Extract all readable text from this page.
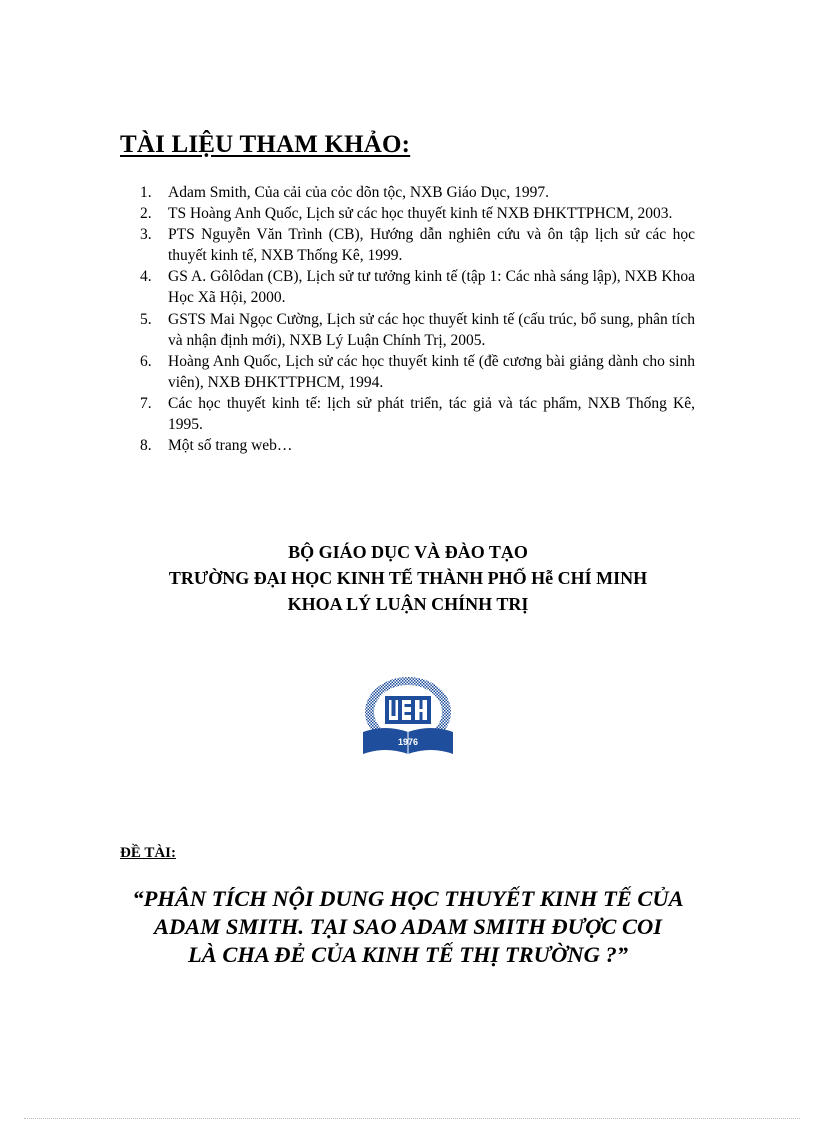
TÀI LIỆU THAM KHẢO:
1. Adam Smith, Của cải của cỏc dõn tộc, NXB Giáo Dục, 1997.
2. TS Hoàng Anh Quốc, Lịch sử các học thuyết kinh tế NXB ĐHKTTPHCM, 2003.
3. PTS Nguyễn Văn Trình (CB), Hướng dẫn nghiên cứu và ôn tập lịch sử các học thuyết kinh tế, NXB Thống Kê, 1999.
4. GS A. Gôlôdan (CB), Lịch sử tư tưởng kinh tế (tập 1: Các nhà sáng lập), NXB Khoa Học Xã Hội, 2000.
5. GSTS Mai Ngọc Cường, Lịch sử các học thuyết kinh tế (cấu trúc, bổ sung, phân tích và nhận định mới), NXB Lý Luận Chính Trị, 2005.
6. Hoàng Anh Quốc, Lịch sử các học thuyết kinh tế (đề cương bài giảng dành cho sinh viên), NXB ĐHKTTPHCM, 1994.
7. Các học thuyết kinh tế: lịch sử phát triển, tác giả và tác phẩm, NXB Thống Kê, 1995.
8. Một số trang web…
BỘ GIÁO DỤC VÀ ĐÀO TẠO
TRƯỜNG ĐẠI HỌC KINH TẾ THÀNH PHỐ Hễ CHÍ MINH
KHOA LÝ LUẬN CHÍNH TRỊ
1976
ĐỀ TÀI:
“PHÂN TÍCH NỘI DUNG HỌC THUYẾT KINH TẾ CỦA
ADAM SMITH. TẠI SAO ADAM SMITH ĐƯỢC COI
LÀ CHA ĐẺ CỦA KINH TẾ THỊ TRƯỜNG ?”
